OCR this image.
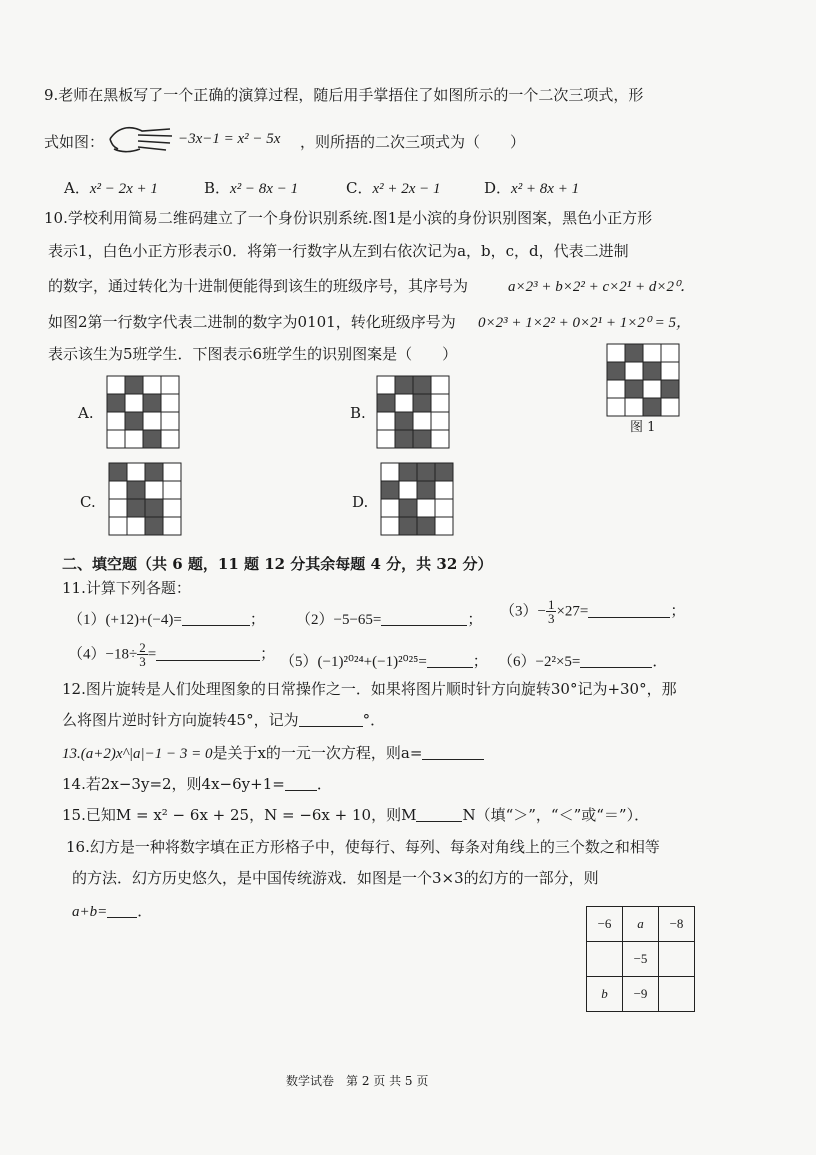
9.老师在黑板写了一个正确的演算过程，随后用手掌捂住了如图所示的一个二次三项式，形
式如图：	−3x−1 = x² − 5x ，则所捂的二次三项式为（　　）
A．x² − 2x + 1	B．x² − 8x − 1	C．x² + 2x − 1	D．x² + 8x + 1
10.学校利用简易二维码建立了一个身份识别系统.图1是小滨的身份识别图案，黑色小正方形
表示1，白色小正方形表示0．将第一行数字从左到右依次记为a，b，c，d，代表二进制
的数字，通过转化为十进制便能得到该生的班级序号，其序号为	a×2³ + b×2² + c×2¹ + d×2⁰．
如图2第一行数字代表二进制的数字为0101，转化班级序号为 0×2³ + 1×2² + 0×2¹ + 1×2⁰ = 5，
表示该生为5班学生．下图表示6班学生的识别图案是（　　）
图 1
A.	B.
C.	D.
二、填空题（共 6 题，11 题 12 分其余每题 4 分，共 32 分）
11.计算下列各题：
（1）(+12)+(−4)=	； （2）−5−65=	； $(3)- \frac{1}{3} \times 27=$	；
$(4)-18\div \frac{2}{3}$ =	； （5）(−1)²⁰²⁴+(−1)²⁰²⁵=	； （6）−2²×5=	．
12.图片旋转是人们处理图象的日常操作之一．如果将图片顺时针方向旋转30°记为+30°，那
么将图片逆时针方向旋转45°，记为	°．
13.(a+2)x^|a|−1 − 3 = 0是关于x的一元一次方程，则a=
14.若2x−3y=2，则4x−6y+1= ．
15.已知M = x² − 6x + 25，N = −6x + 10，则M	N（填“＞”，“＜”或“＝”）．
16.幻方是一种将数字填在正方形格子中，使每行、每列、每条对角线上的三个数之和相等
的方法．幻方历史悠久，是中国传统游戏．如图是一个3×3的幻方的一部分，则
a+b= ．
−6	a	−8
	−5	
b	−9	
数学试卷　第 2 页 共 5 页
